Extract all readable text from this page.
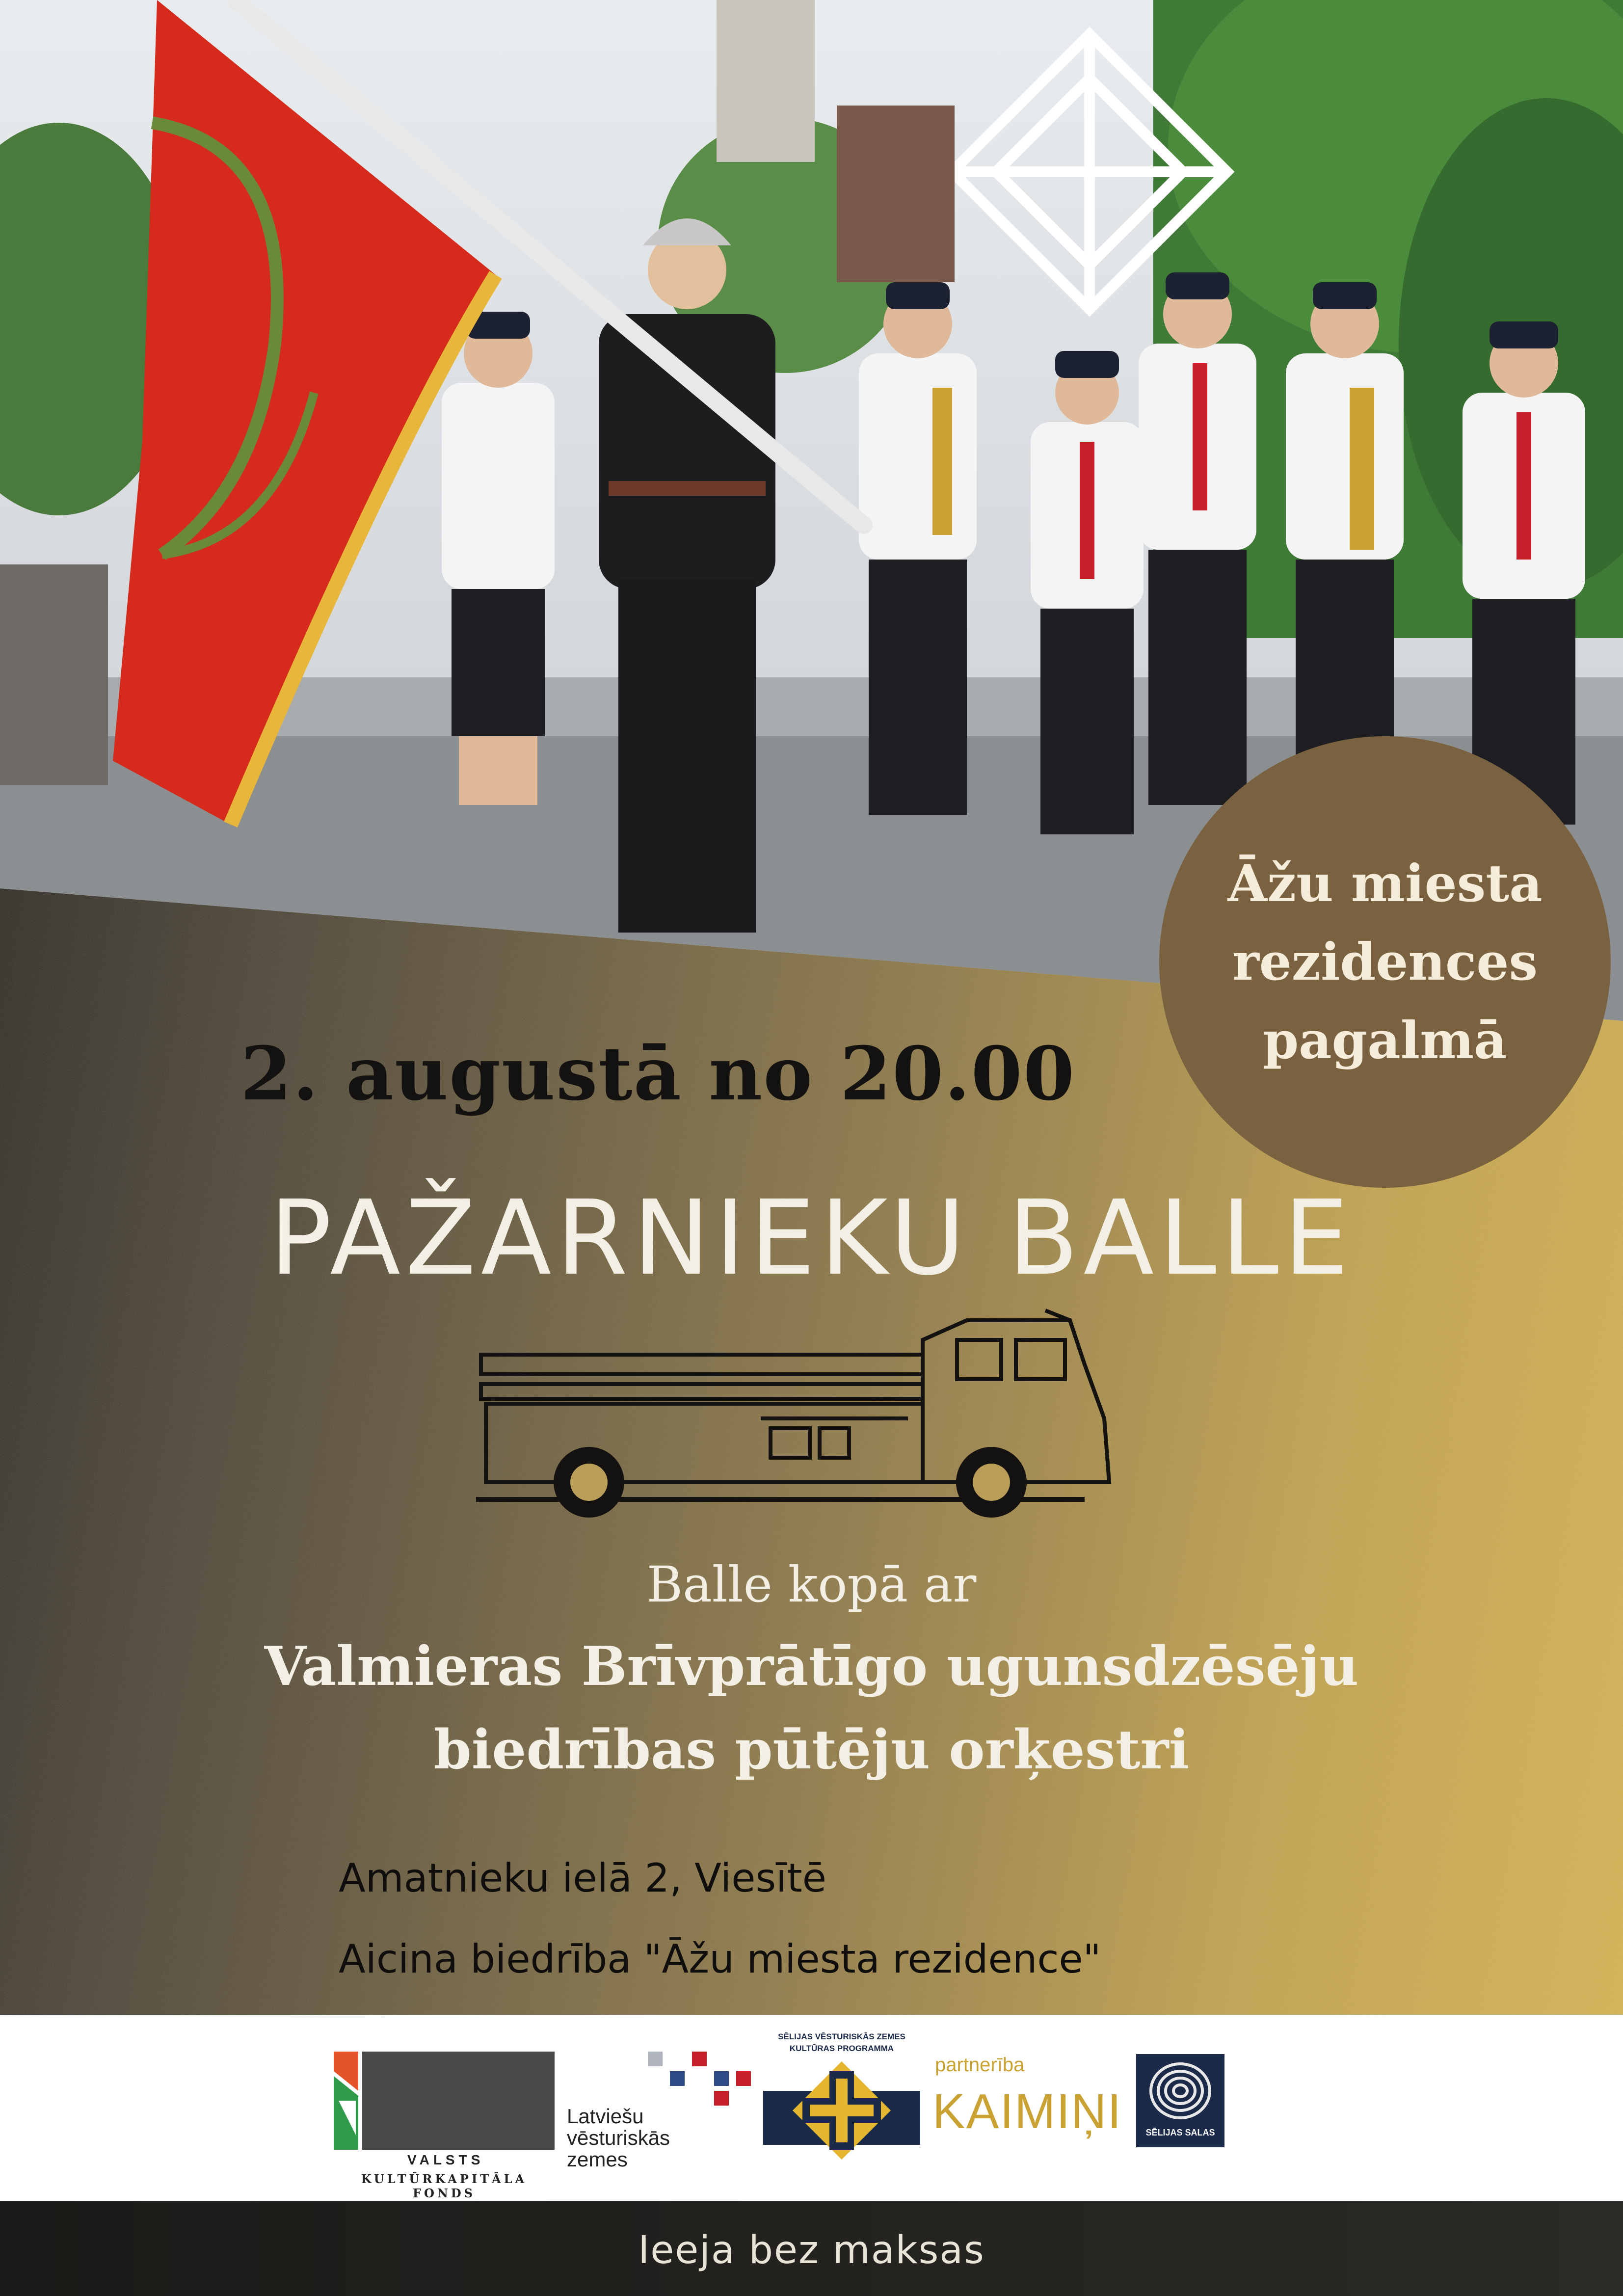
Āžu miesta
rezidences
pagalmā
2. augustā no 20.00
PAŽARNIEKU BALLE
Balle kopā ar
Valmieras Brīvprātīgo ugunsdzēsēju
biedrības pūtēju orķestri
Amatnieku ielā 2, Viesītē
Aicina biedrība "Āžu miesta rezidence"
VALSTS
KULTŪRKAPITĀLA FONDS
Latviešu
vēsturiskās
zemes
SĒLIJAS VĒSTURISKĀS ZEMES
KULTŪRAS PROGRAMMA
partnerība
KAIMIŅI	SĒLIJAS SALAS
Ieeja bez maksas
